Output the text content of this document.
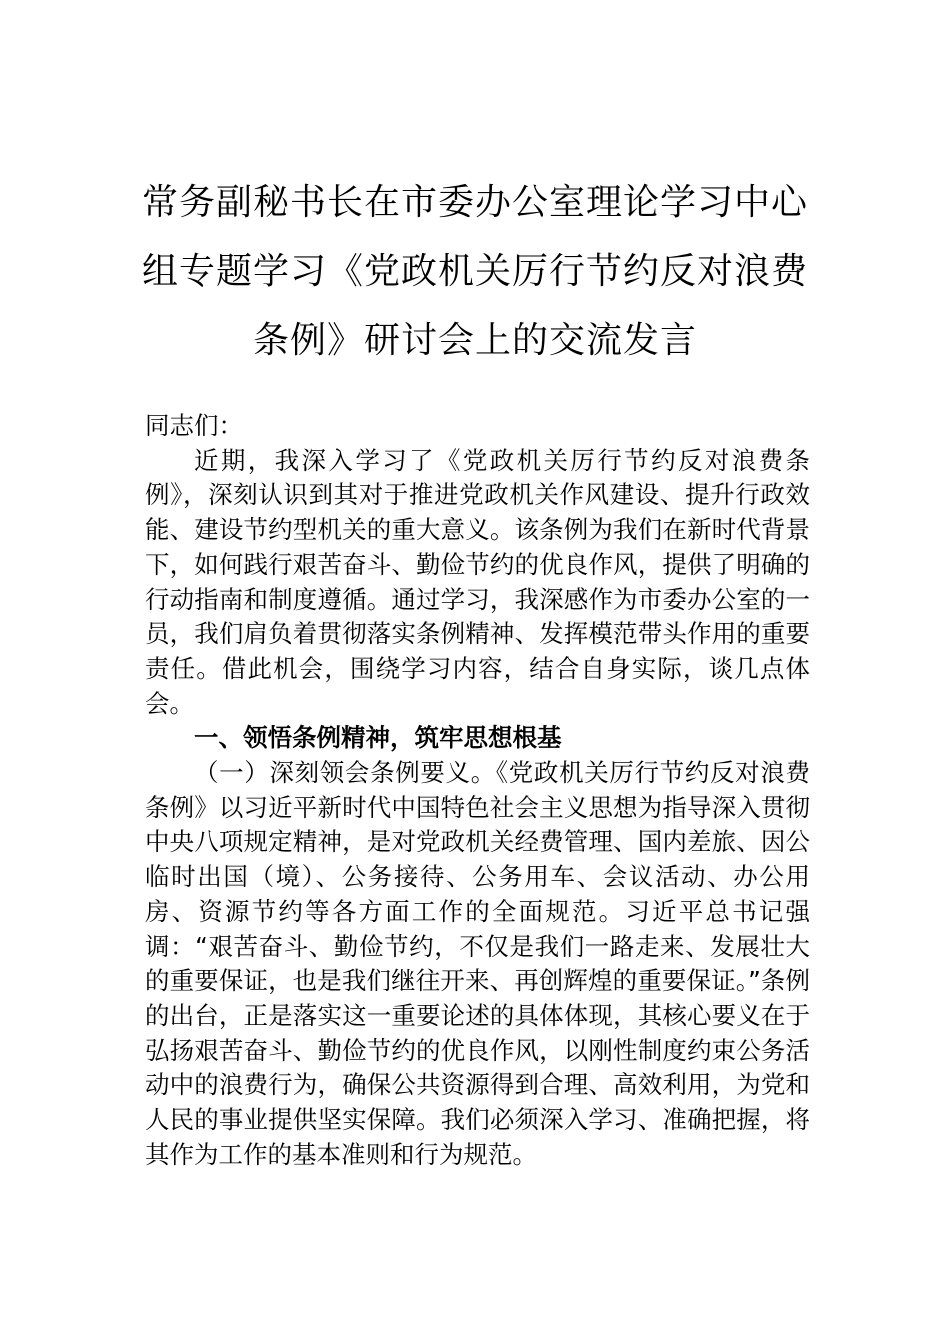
常务副秘书长在市委办公室理论学习中心
组专题学习《党政机关厉行节约反对浪费
条例》研讨会上的交流发言

同志们：

近期，我深入学习了《党政机关厉行节约反对浪费条例》，深刻认识到其对于推进党政机关作风建设、提升行政效能、建设节约型机关的重大意义。该条例为我们在新时代背景下，如何践行艰苦奋斗、勤俭节约的优良作风，提供了明确的行动指南和制度遵循。通过学习，我深感作为市委办公室的一员，我们肩负着贯彻落实条例精神、发挥模范带头作用的重要责任。借此机会，围绕学习内容，结合自身实际，谈几点体会。

一、领悟条例精神，筑牢思想根基

（一）深刻领会条例要义。《党政机关厉行节约反对浪费条例》以习近平新时代中国特色社会主义思想为指导深入贯彻中央八项规定精神，是对党政机关经费管理、国内差旅、因公临时出国（境）、公务接待、公务用车、会议活动、办公用房、资源节约等各方面工作的全面规范。习近平总书记强调：“艰苦奋斗、勤俭节约，不仅是我们一路走来、发展壮大的重要保证，也是我们继往开来、再创辉煌的重要保证。”条例的出台，正是落实这一重要论述的具体体现，其核心要义在于弘扬艰苦奋斗、勤俭节约的优良作风，以刚性制度约束公务活动中的浪费行为，确保公共资源得到合理、高效利用，为党和人民的事业提供坚实保障。我们必须深入学习、准确把握，将其作为工作的基本准则和行为规范。
